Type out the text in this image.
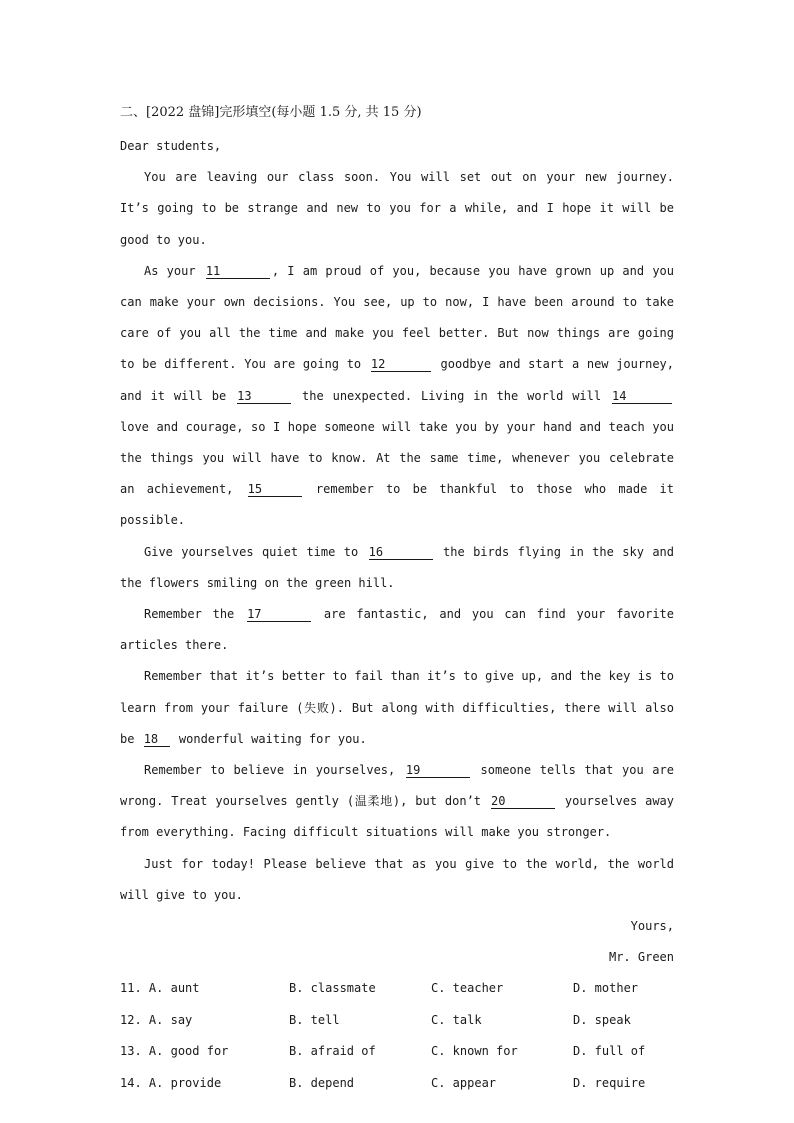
二、[2022 盘锦]完形填空(每小题 1.5 分, 共 15 分)

Dear students,

You are leaving our class soon. You will set out on your new journey. It’s going to be strange and new to you for a while, and I hope it will be good to you.

As your 11	, I am proud of you, because you have grown up and you can make your own decisions. You see, up to now, I have been around to take care of you all the time and make you feel better. But now things are going to be different. You are going to 12	goodbye and start a new journey, and it will be 13	the unexpected. Living in the world will 14 love and courage, so I hope someone will take you by your hand and teach you the things you will have to know. At the same time, whenever you celebrate an achievement, 15	remember to be thankful to those who made it possible.

Give yourselves quiet time to 16	the birds flying in the sky and the flowers smiling on the green hill.

Remember the 17	are fantastic, and you can find your favorite articles there.

Remember that it’s better to fail than it’s to give up, and the key is to learn from your failure (失败). But along with difficulties, there will also be 18 wonderful waiting for you.

Remember to believe in yourselves, 19	someone tells that you are wrong. Treat yourselves gently (温柔地), but don’t 20	yourselves away from everything. Facing difficult situations will make you stronger.

Just for today! Please believe that as you give to the world, the world will give to you.

Yours,

Mr. Green

11. A. aunt	B. classmate	C. teacher	D. mother
12. A. say	B. tell	C. talk	D. speak
13. A. good for	B. afraid of	C. known for	D. full of
14. A. provide	B. depend	C. appear	D. require
